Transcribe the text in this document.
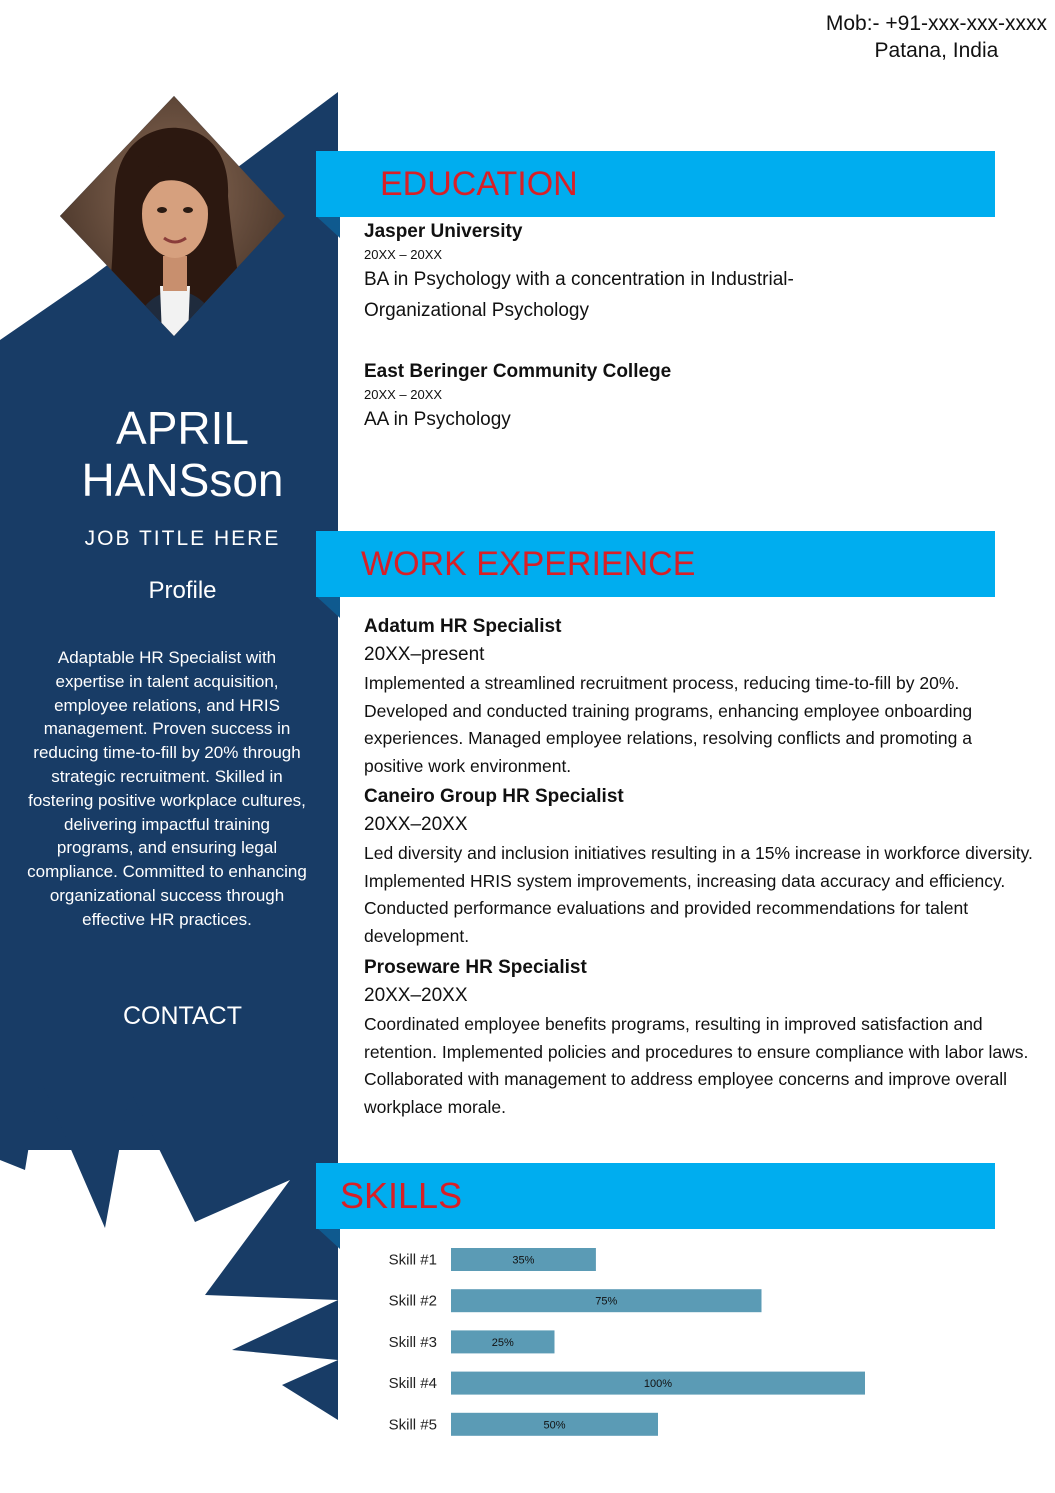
Mob:- +91-xxx-xxx-xxxx
Patana, India
APRIL
HANSson
JOB TITLE HERE
Profile
Adaptable HR Specialist with expertise in talent acquisition, employee relations, and HRIS management. Proven success in reducing time-to-fill by 20% through strategic recruitment. Skilled in fostering positive workplace cultures, delivering impactful training programs, and ensuring legal compliance. Committed to enhancing organizational success through effective HR practices.
CONTACT
EDUCATION
Jasper University
20XX – 20XX
BA in Psychology with a concentration in Industrial-
Organizational Psychology
East Beringer Community College
20XX – 20XX
AA in Psychology
WORK EXPERIENCE
Adatum HR Specialist
20XX–present
Implemented a streamlined recruitment process, reducing time-to-fill by 20%. Developed and conducted training programs, enhancing employee onboarding experiences. Managed employee relations, resolving conflicts and promoting a positive work environment.
Caneiro Group HR Specialist
20XX–20XX
Led diversity and inclusion initiatives resulting in a 15% increase in workforce diversity. Implemented HRIS system improvements, increasing data accuracy and efficiency. Conducted performance evaluations and provided recommendations for talent development.
Proseware HR Specialist
20XX–20XX
Coordinated employee benefits programs, resulting in improved satisfaction and retention. Implemented policies and procedures to ensure compliance with labor laws. Collaborated with management to address employee concerns and improve overall workplace morale.
SKILLS
Skill #1	35%
Skill #2	75%
Skill #3	25%
Skill #4	100%
Skill #5	50%
